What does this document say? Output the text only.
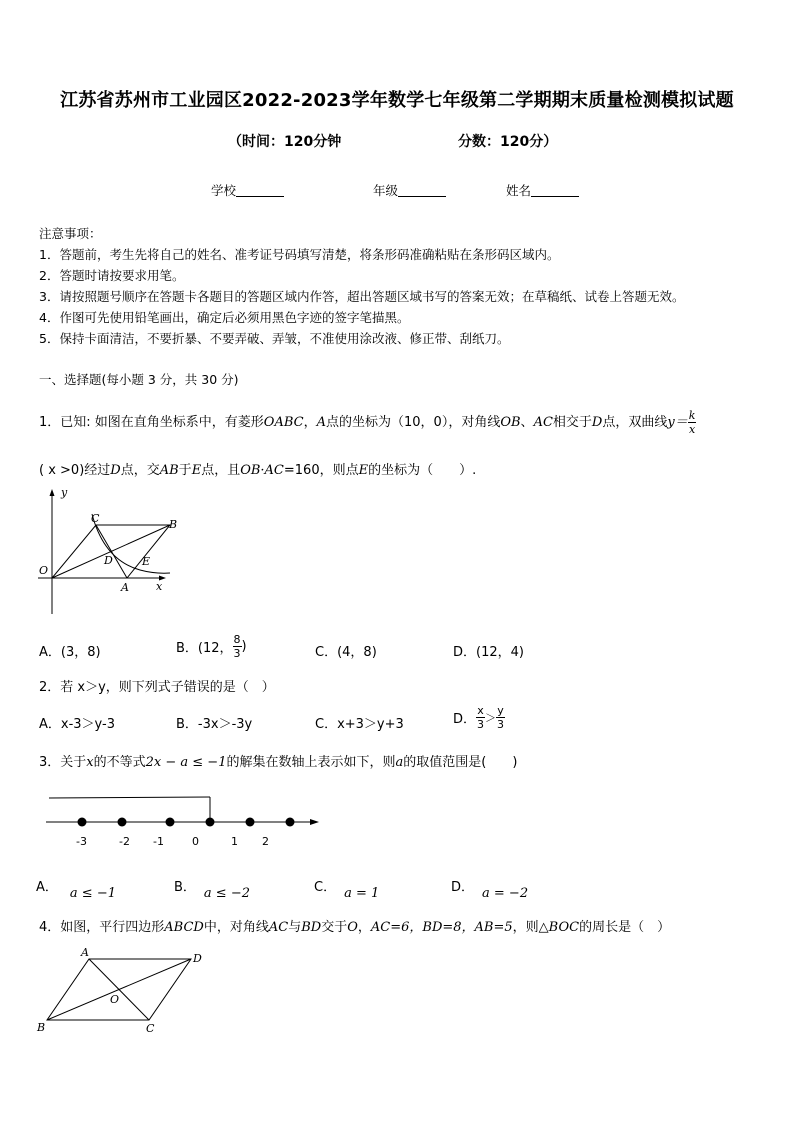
江苏省苏州市工业园区2022-2023学年数学七年级第二学期期末质量检测模拟试题
（时间：120分钟	分数：120分）
学校	年级	姓名
注意事项：
1．答题前，考生先将自己的姓名、准考证号码填写清楚，将条形码准确粘贴在条形码区域内。
2．答题时请按要求用笔。
3．请按照题号顺序在答题卡各题目的答题区域内作答，超出答题区域书写的答案无效；在草稿纸、试卷上答题无效。
4．作图可先使用铅笔画出，确定后必须用黑色字迹的签字笔描黑。
5．保持卡面清洁，不要折暴、不要弄破、弄皱，不准使用涂改液、修正带、刮纸刀。
一、选择题(每小题 3 分，共 30 分)
1．已知: 如图在直角坐标系中，有菱形OABC，A点的坐标为（10，0），对角线OB、AC相交于D点，双曲线$y= \frac{k}{x}$
( x >0)经过D点，交AB于E点，且OB·AC=160，则点E的坐标为（　　）.
O
y
x
A
B
C
D	E
A．(3，8)	B．(12， $\frac{8}{3}$ )	C．(4，8)	D．(12，4)
2．若 x＞y，则下列式子错误的是（　）
A．x-3＞y-3	B．-3x＞-3y	C．x+3＞y+3	D． $\frac{x}{3} > \frac{y}{3}$
3．关于x的不等式2x − a ≤ −1的解集在数轴上表示如下，则a的取值范围是(　　)
-3	-2 -1	0	1 2
A． a ≤ −1	B． a ≤ −2	C． a = 1	D． a = −2
4．如图，平行四边形ABCD中，对角线AC与BD交于O，AC=6，BD=8，AB=5，则△BOC的周长是（　）
A	D
B	C
O
